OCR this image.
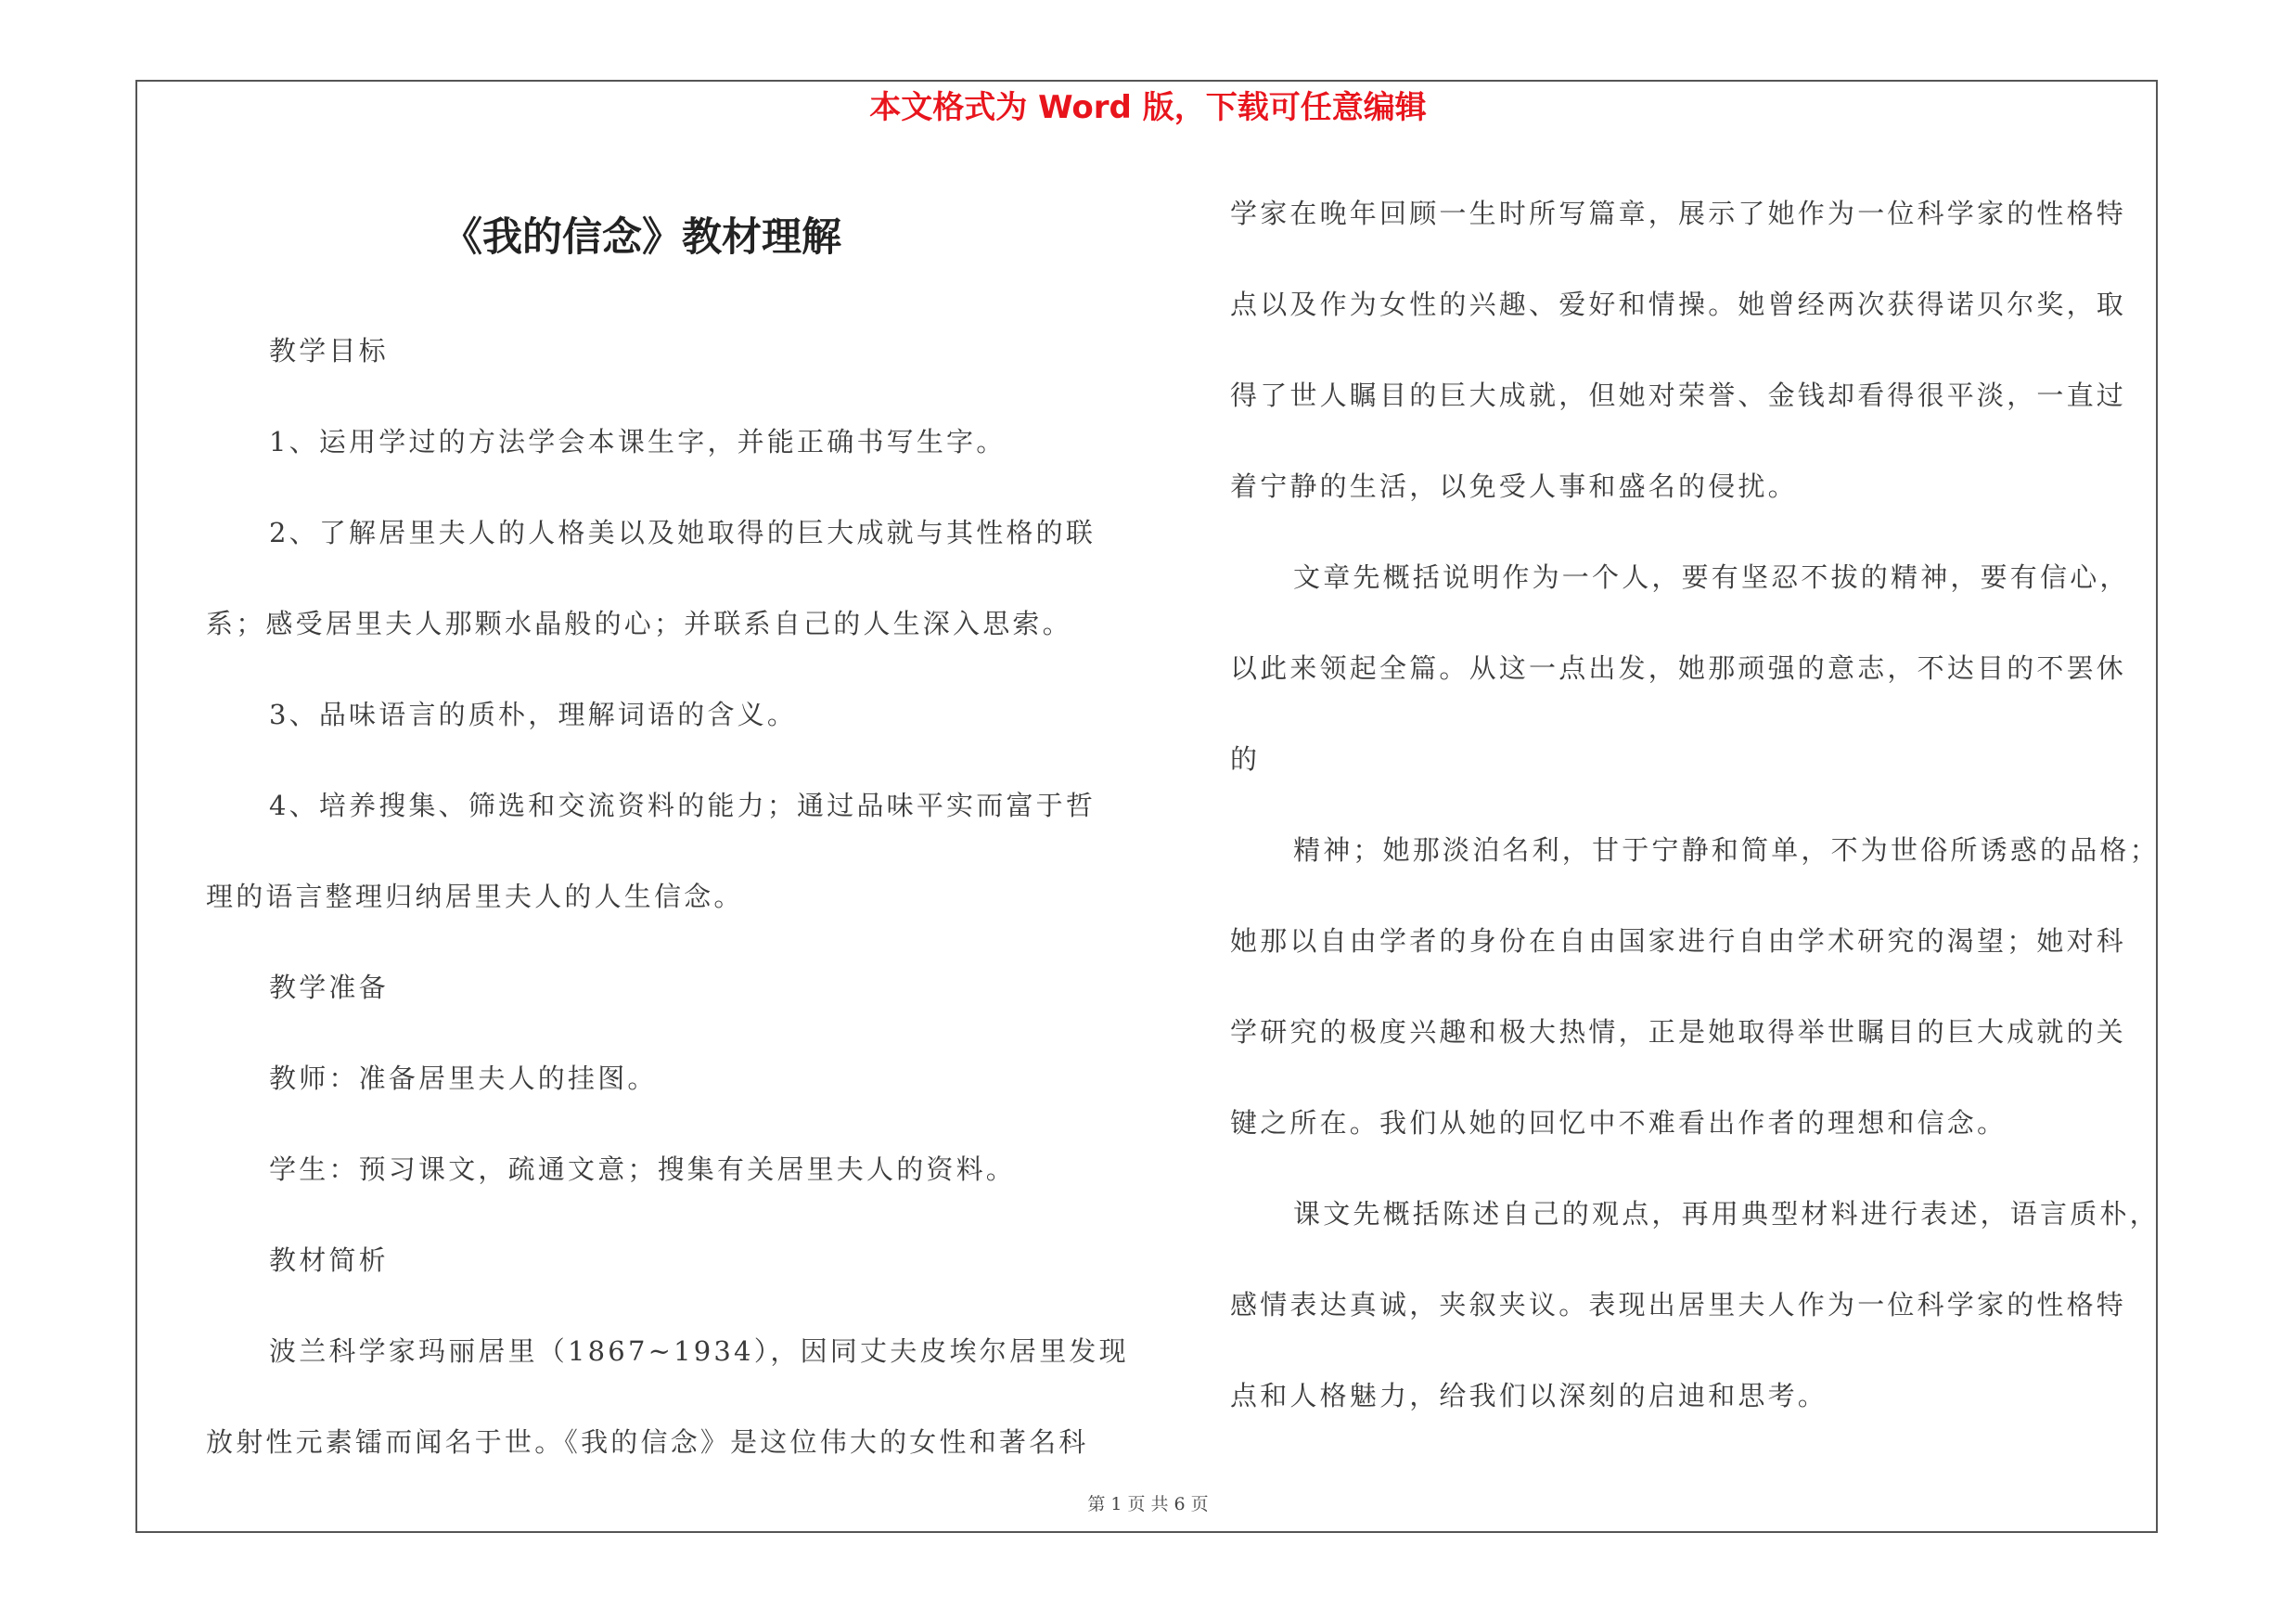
本文格式为 Word 版，下载可任意编辑
《我的信念》教材理解
教学目标
1、运用学过的方法学会本课生字，并能正确书写生字。
2、了解居里夫人的人格美以及她取得的巨大成就与其性格的联
系；感受居里夫人那颗水晶般的心；并联系自己的人生深入思索。
3、品味语言的质朴，理解词语的含义。
4、培养搜集、筛选和交流资料的能力；通过品味平实而富于哲
理的语言整理归纳居里夫人的人生信念。
教学准备
教师：准备居里夫人的挂图。
学生：预习课文，疏通文意；搜集有关居里夫人的资料。
教材简析
波兰科学家玛丽居里（1867~1934），因同丈夫皮埃尔居里发现
放射性元素镭而闻名于世。《我的信念》是这位伟大的女性和著名科
学家在晚年回顾一生时所写篇章，展示了她作为一位科学家的性格特
点以及作为女性的兴趣、爱好和情操。她曾经两次获得诺贝尔奖，取
得了世人瞩目的巨大成就，但她对荣誉、金钱却看得很平淡，一直过
着宁静的生活，以免受人事和盛名的侵扰。
文章先概括说明作为一个人，要有坚忍不拔的精神，要有信心，
以此来领起全篇。从这一点出发，她那顽强的意志，不达目的不罢休
的
精神；她那淡泊名利，甘于宁静和简单，不为世俗所诱惑的品格；
她那以自由学者的身份在自由国家进行自由学术研究的渴望；她对科
学研究的极度兴趣和极大热情，正是她取得举世瞩目的巨大成就的关
键之所在。我们从她的回忆中不难看出作者的理想和信念。
课文先概括陈述自己的观点，再用典型材料进行表述，语言质朴，
感情表达真诚，夹叙夹议。表现出居里夫人作为一位科学家的性格特
点和人格魅力，给我们以深刻的启迪和思考。
第 1 页 共 6 页
